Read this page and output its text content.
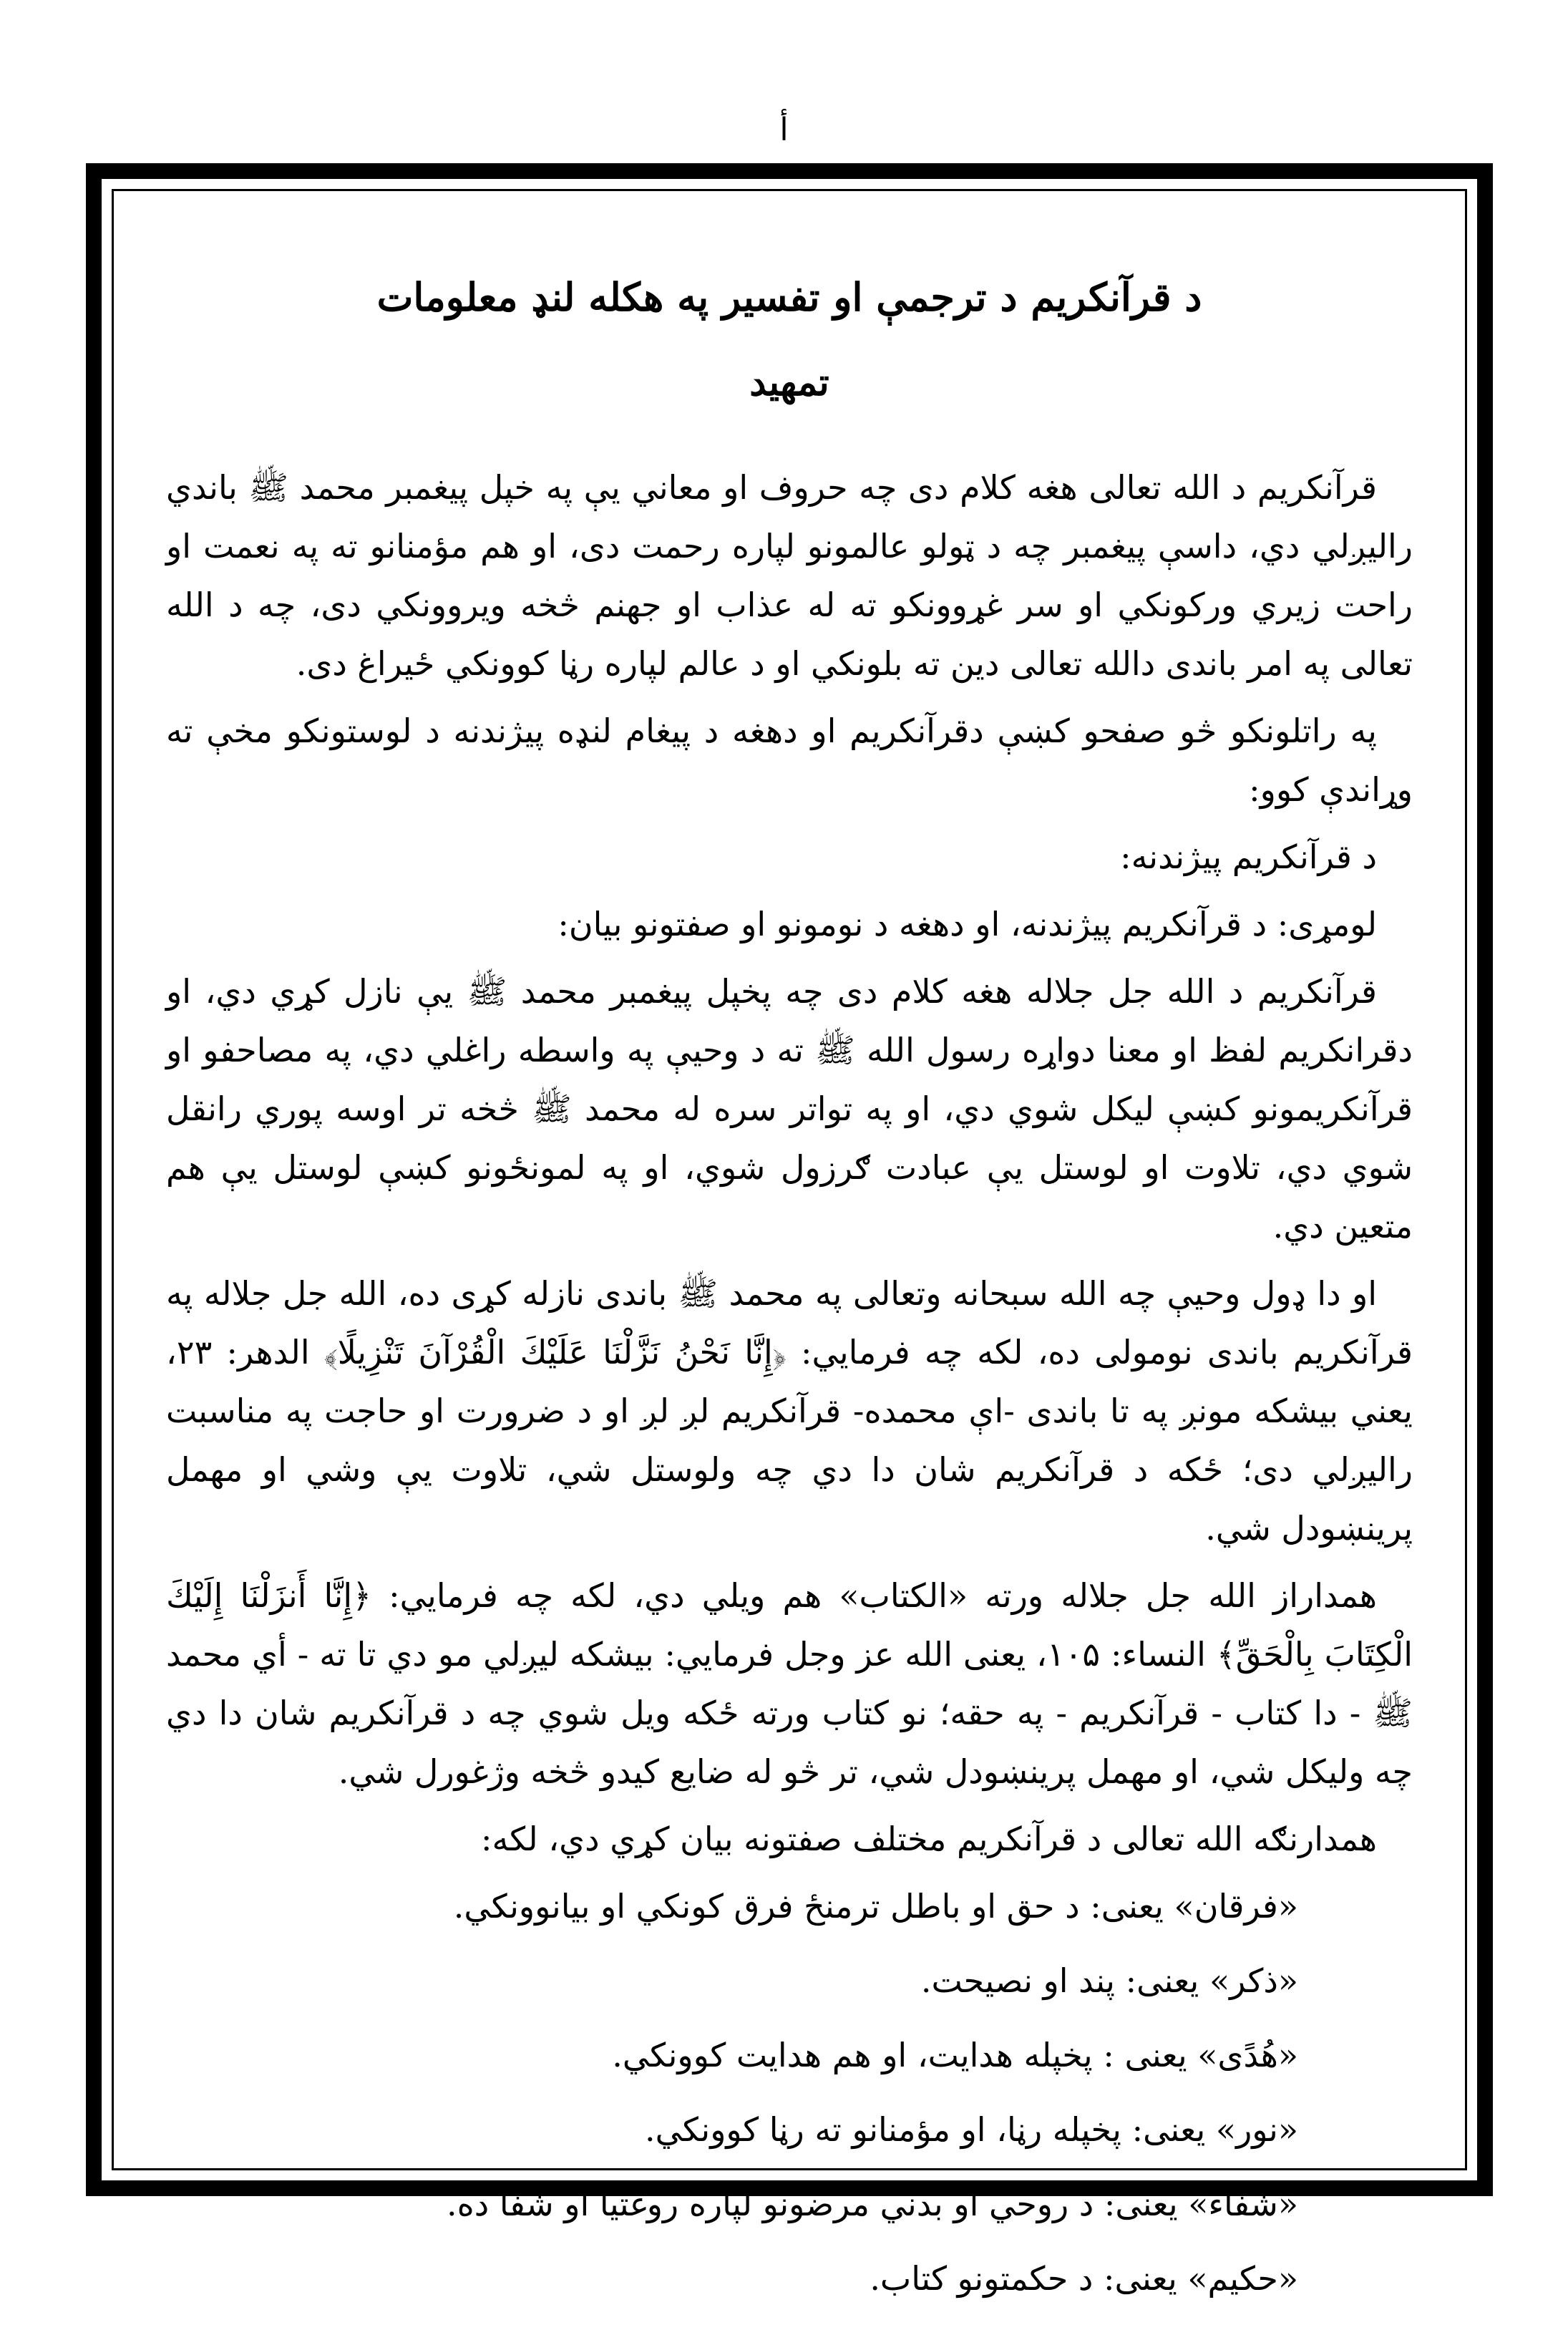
أ
د قرآنکریم د ترجمې او تفسیر په هکله لنډ معلومات
تمهید

قرآنکریم د الله تعالی هغه کلام دی چه حروف او معاني یې په خپل پیغمبر محمد ﷺ باندي رالیږلي دي، داسې پیغمبر چه د ټولو عالمونو لپاره رحمت دی، او هم مؤمنانو ته په نعمت او راحت زیري ورکونکي او سر غړوونکو ته له عذاب او جهنم څخه ویروونکي دی، چه د الله تعالی په امر باندی دالله تعالی دین ته بلونکي او د عالم لپاره رڼا کوونکي ځیراغ دی.

په راتلونکو څو صفحو کښې دقرآنکریم او دهغه د پیغام لنډه پیژندنه د لوستونکو مخې ته وړاندې کوو:

د قرآنکریم پیژندنه:

لومړی: د قرآنکریم پیژندنه، او دهغه د نومونو او صفتونو بیان:

قرآنکریم د الله جل جلاله هغه کلام دی چه پخپل پیغمبر محمد ﷺ یې نازل کړي دي، او دقرانکریم لفظ او معنا دواړه رسول الله ﷺ ته د وحیې په واسطه راغلي دي، په مصاحفو او قرآنکریمونو کښې لیکل شوي دي، او په تواتر سره له محمد ﷺ څخه تر اوسه پوري رانقل شوي دي، تلاوت او لوستل یې عبادت ګرزول شوي، او په لمونځونو کښې لوستل یې هم متعین دي.

او دا ډول وحیې چه الله سبحانه وتعالی په محمد ﷺ باندی نازله کړی ده، الله جل جلاله په قرآنکریم باندی نومولی ده، لکه چه فرمایي: ﴿إِنَّا نَحْنُ نَزَّلْنَا عَلَيْكَ الْقُرْآنَ تَنْزِيلًا﴾ الدهر: ۲۳، یعني بیشکه مونږ په تا باندی -اې محمده- قرآنکریم لږ لږ او د ضرورت او حاجت په مناسبت رالیږلي دی؛ ځکه د قرآنکریم شان دا دي چه ولوستل شي، تلاوت یې وشي او مهمل پرینښودل شي.

همداراز الله جل جلاله ورته «الکتاب» هم ویلي دي، لکه چه فرمایي: ﴿إِنَّا أَنزَلْنَا إِلَيْكَ الْكِتَابَ بِالْحَقِّ﴾ النساء: ۱۰۵، یعنی الله عز وجل فرمایي: بیشکه لیږلي مو دي تا ته - أي محمد ﷺ - دا کتاب - قرآنکریم - په حقه؛ نو کتاب ورته ځکه ویل شوي چه د قرآنکریم شان دا دي چه ولیکل شي، او مهمل پرینښودل شي، تر څو له ضایع کیدو څخه وژغورل شي.

همدارنګه الله تعالی د قرآنکریم مختلف صفتونه بیان کړي دي، لکه:

«فرقان» یعنی: د حق او باطل ترمنځ فرق کونکي او بیانوونکي.
«ذکر» یعنی: پند او نصیحت.
«هُدًى» یعنی : پخپله هدایت، او هم هدایت کوونکي.
«نور» یعنی: پخپله رڼا، او مؤمنانو ته رڼا کوونکي.
«شفاء» یعنی: د روحي او بدني مرضونو لپاره روغتیا او شفا ده.
«حکیم» یعنی: د حکمتونو کتاب.
